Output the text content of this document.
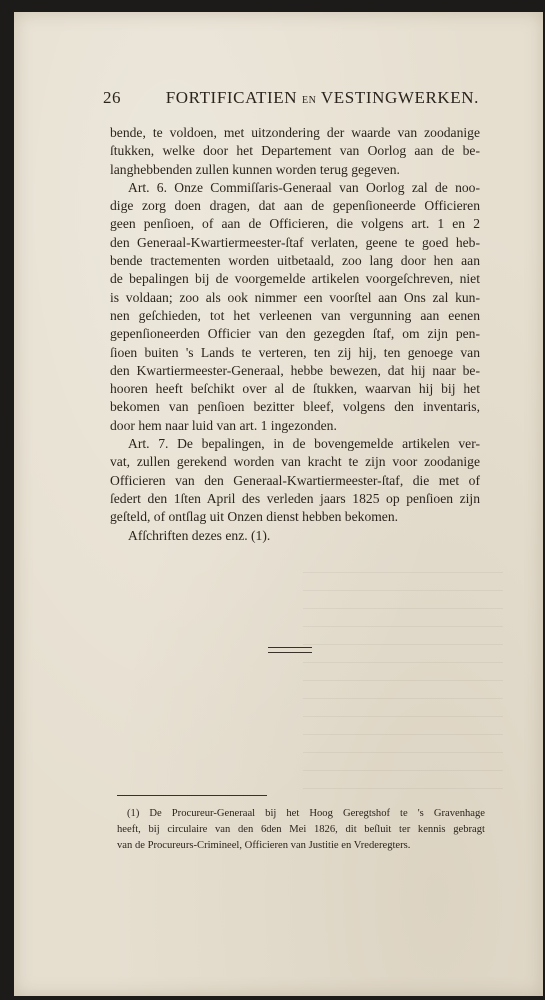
26	FORTIFICATIEN EN VESTINGWERKEN.
bende, te voldoen, met uitzondering der waarde van zoodanige
ſtukken, welke door het Departement van Oorlog aan de be-
langhebbenden zullen kunnen worden terug gegeven.
Art. 6. Onze Commiſſaris-Generaal van Oorlog zal de noo-
dige zorg doen dragen, dat aan de gepenſioneerde Officieren
geen penſioen, of aan de Officieren, die volgens art. 1 en 2
den Generaal-Kwartiermeester-ſtaf verlaten, geene te goed heb-
bende tractementen worden uitbetaald, zoo lang door hen aan
de bepalingen bij de voorgemelde artikelen voorgeſchreven, niet
is voldaan; zoo als ook nimmer een voorſtel aan Ons zal kun-
nen geſchieden, tot het verleenen van vergunning aan eenen
gepenſioneerden Officier van den gezegden ſtaf, om zijn pen-
ſioen buiten 's Lands te verteren, ten zij hij, ten genoege van
den Kwartiermeester-Generaal, hebbe bewezen, dat hij naar be-
hooren heeft beſchikt over al de ſtukken, waarvan hij bij het
bekomen van penſioen bezitter bleef, volgens den inventaris,
door hem naar luid van art. 1 ingezonden.
Art. 7. De bepalingen, in de bovengemelde artikelen ver-
vat, zullen gerekend worden van kracht te zijn voor zoodanige
Officieren van den Generaal-Kwartiermeester-ſtaf, die met of
ſedert den 1ſten April des verleden jaars 1825 op penſioen zijn
geſteld, of ontſlag uit Onzen dienst hebben bekomen.
Afſchriften dezes enz. (1).
(1) De Procureur-Generaal bij het Hoog Geregtshof te 's Gravenhage
heeft, bij circulaire van den 6den Mei 1826, dit beſluit ter kennis gebragt
van de Procureurs-Crimineel, Officieren van Justitie en Vrederegters.
